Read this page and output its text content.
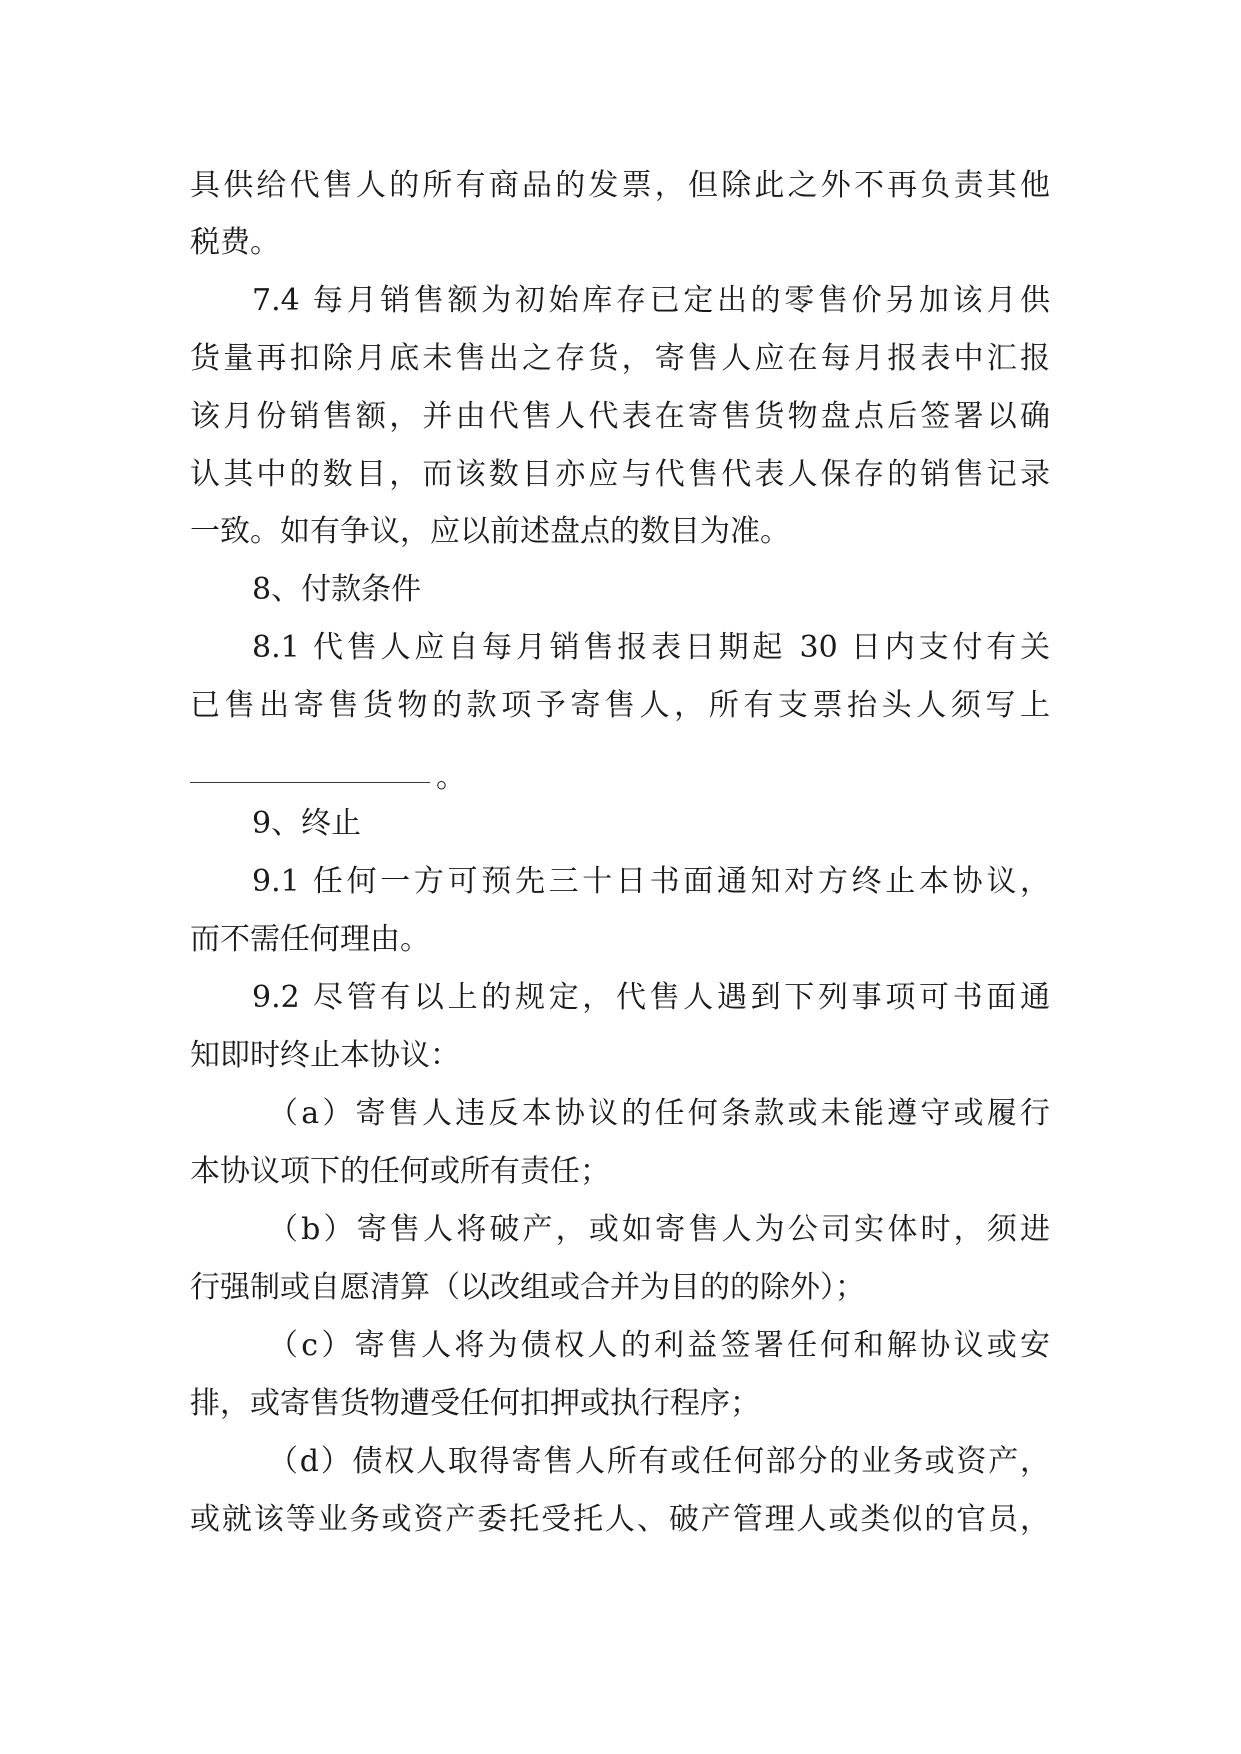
具供给代售人的所有商品的发票，但除此之外不再负责其他
税费。
7.4 每月销售额为初始库存已定出的零售价另加该月供
货量再扣除月底未售出之存货，寄售人应在每月报表中汇报
该月份销售额，并由代售人代表在寄售货物盘点后签署以确
认其中的数目，而该数目亦应与代售代表人保存的销售记录
一致。如有争议，应以前述盘点的数目为准。
8、付款条件
8.1 代售人应自每月销售报表日期起 30 日内支付有关
已售出寄售货物的款项予寄售人，所有支票抬头人须写上
。
9、终止
9.1 任何一方可预先三十日书面通知对方终止本协议，
而不需任何理由。
9.2 尽管有以上的规定，代售人遇到下列事项可书面通
知即时终止本协议：
（a）寄售人违反本协议的任何条款或未能遵守或履行
本协议项下的任何或所有责任；
（b）寄售人将破产，或如寄售人为公司实体时，须进
行强制或自愿清算（以改组或合并为目的的除外）；
（c）寄售人将为债权人的利益签署任何和解协议或安
排，或寄售货物遭受任何扣押或执行程序；
（d）债权人取得寄售人所有或任何部分的业务或资产，
或就该等业务或资产委托受托人、破产管理人或类似的官员，
